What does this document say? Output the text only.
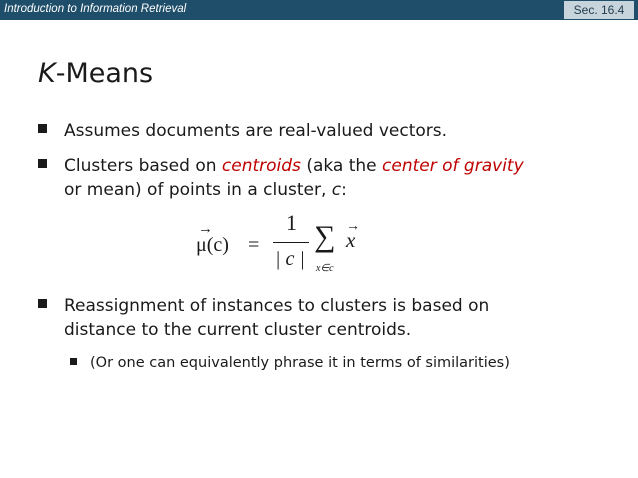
Introduction to Information Retrieval	Sec. 16.4
K-Means
Assumes documents are real-valued vectors.
Clusters based on centroids (aka the center of gravity
or mean) of points in a cluster, c:
→
μ(c) =
1
| c |
∑ →
x
x∈c
Reassignment of instances to clusters is based on
distance to the current cluster centroids.
(Or one can equivalently phrase it in terms of similarities)
